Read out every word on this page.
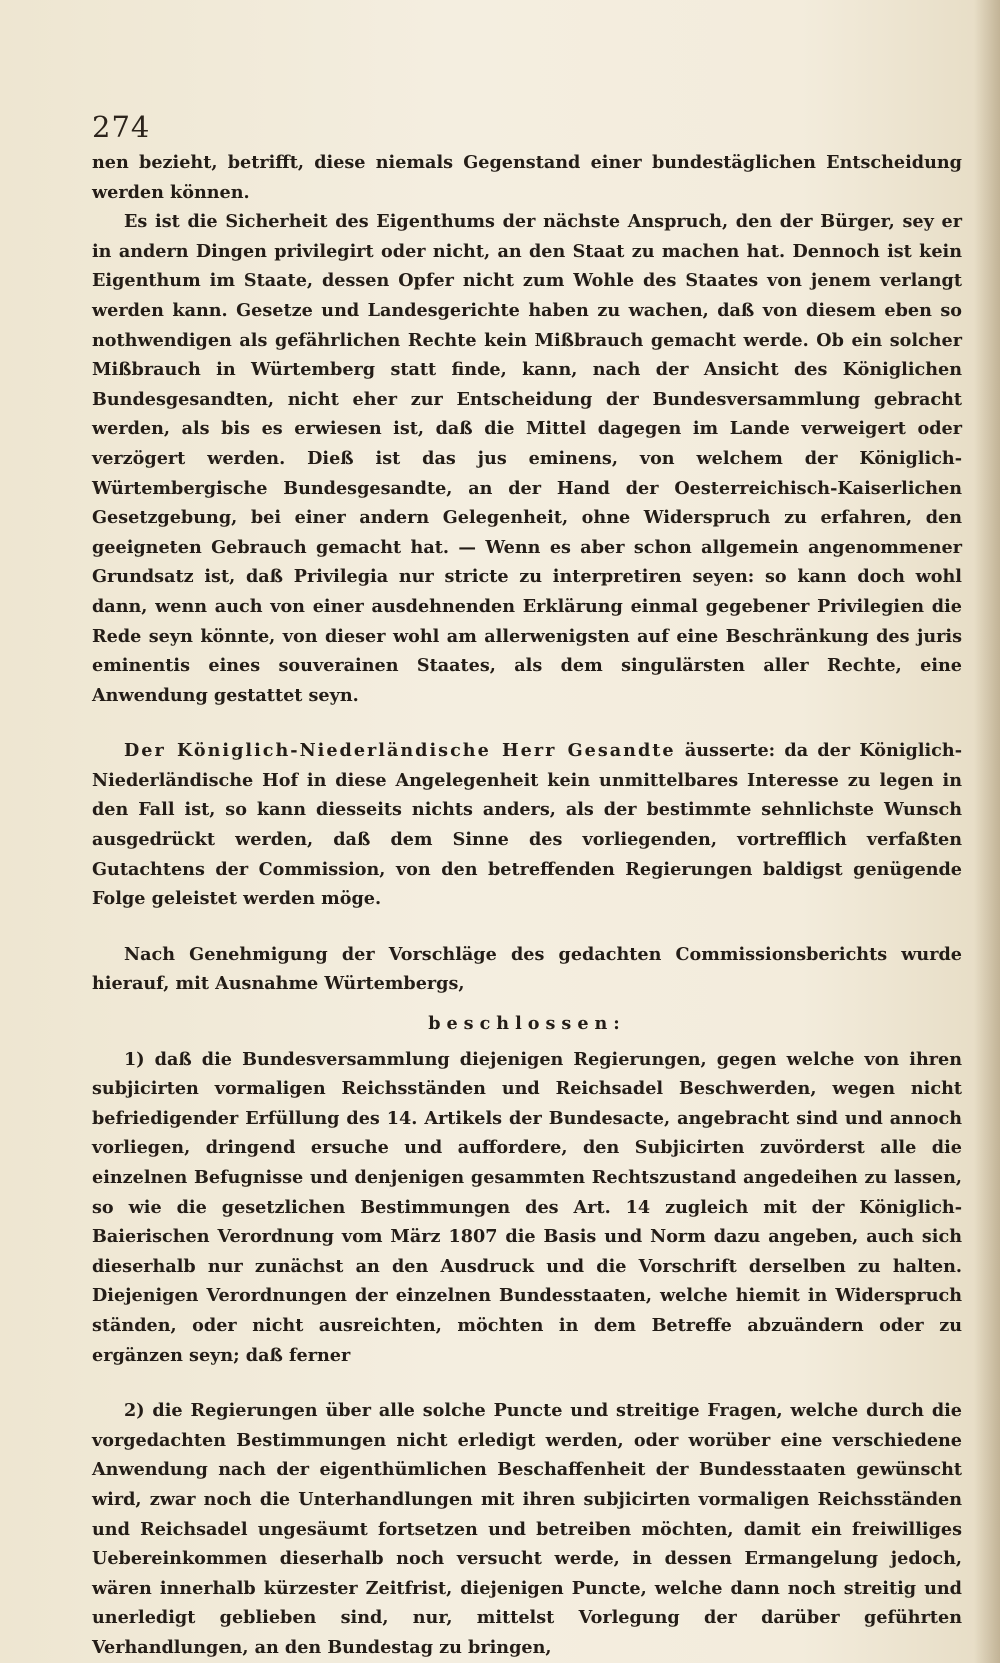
274

nen bezieht, betrifft, diese niemals Gegenstand einer bundestäglichen Entscheidung werden können.

Es ist die Sicherheit des Eigenthums der nächste Anspruch, den der Bürger, sey er in andern Dingen privilegirt oder nicht, an den Staat zu machen hat. Dennoch ist kein Eigenthum im Staate, dessen Opfer nicht zum Wohle des Staates von jenem verlangt werden kann. Gesetze und Landesgerichte haben zu wachen, daß von diesem eben so nothwendigen als gefährlichen Rechte kein Mißbrauch gemacht werde. Ob ein solcher Mißbrauch in Würtemberg statt finde, kann, nach der Ansicht des Königlichen Bundesgesandten, nicht eher zur Entscheidung der Bundesversammlung gebracht werden, als bis es erwiesen ist, daß die Mittel dagegen im Lande verweigert oder verzögert werden. Dieß ist das jus eminens, von welchem der Königlich-Würtembergische Bundesgesandte, an der Hand der Oesterreichisch-Kaiserlichen Gesetzgebung, bei einer andern Gelegenheit, ohne Widerspruch zu erfahren, den geeigneten Gebrauch gemacht hat. — Wenn es aber schon allgemein angenommener Grundsatz ist, daß Privilegia nur stricte zu interpretiren seyen: so kann doch wohl dann, wenn auch von einer ausdehnenden Erklärung einmal gegebener Privilegien die Rede seyn könnte, von dieser wohl am allerwenigsten auf eine Beschränkung des juris eminentis eines souverainen Staates, als dem singulärsten aller Rechte, eine Anwendung gestattet seyn.

Der Königlich-Niederländische Herr Gesandte äusserte: da der Königlich-Niederländische Hof in diese Angelegenheit kein unmittelbares Interesse zu legen in den Fall ist, so kann diesseits nichts anders, als der bestimmte sehnlichste Wunsch ausgedrückt werden, daß dem Sinne des vorliegenden, vortrefflich verfaßten Gutachtens der Commission, von den betreffenden Regierungen baldigst genügende Folge geleistet werden möge.

Nach Genehmigung der Vorschläge des gedachten Commissionsberichts wurde hierauf, mit Ausnahme Würtembergs,

beschlossen:

1) daß die Bundesversammlung diejenigen Regierungen, gegen welche von ihren subjicirten vormaligen Reichsständen und Reichsadel Beschwerden, wegen nicht befriedigender Erfüllung des 14. Artikels der Bundesacte, angebracht sind und annoch vorliegen, dringend ersuche und auffordere, den Subjicirten zuvörderst alle die einzelnen Befugnisse und denjenigen gesammten Rechtszustand angedeihen zu lassen, so wie die gesetzlichen Bestimmungen des Art. 14 zugleich mit der Königlich-Baierischen Verordnung vom März 1807 die Basis und Norm dazu angeben, auch sich dieserhalb nur zunächst an den Ausdruck und die Vorschrift derselben zu halten. Diejenigen Verordnungen der einzelnen Bundesstaaten, welche hiemit in Widerspruch ständen, oder nicht ausreichten, möchten in dem Betreffe abzuändern oder zu ergänzen seyn; daß ferner

2) die Regierungen über alle solche Puncte und streitige Fragen, welche durch die vorgedachten Bestimmungen nicht erledigt werden, oder worüber eine verschiedene Anwendung nach der eigenthümlichen Beschaffenheit der Bundesstaaten gewünscht wird, zwar noch die Unterhandlungen mit ihren subjicirten vormaligen Reichsständen und Reichsadel ungesäumt fortsetzen und betreiben möchten, damit ein freiwilliges Uebereinkommen dieserhalb noch versucht werde, in dessen Ermangelung jedoch, wären innerhalb kürzester Zeitfrist, diejenigen Puncte, welche dann noch streitig und unerledigt geblieben sind, nur, mittelst Vorlegung der darüber geführten Verhandlungen, an den Bundestag zu bringen,
